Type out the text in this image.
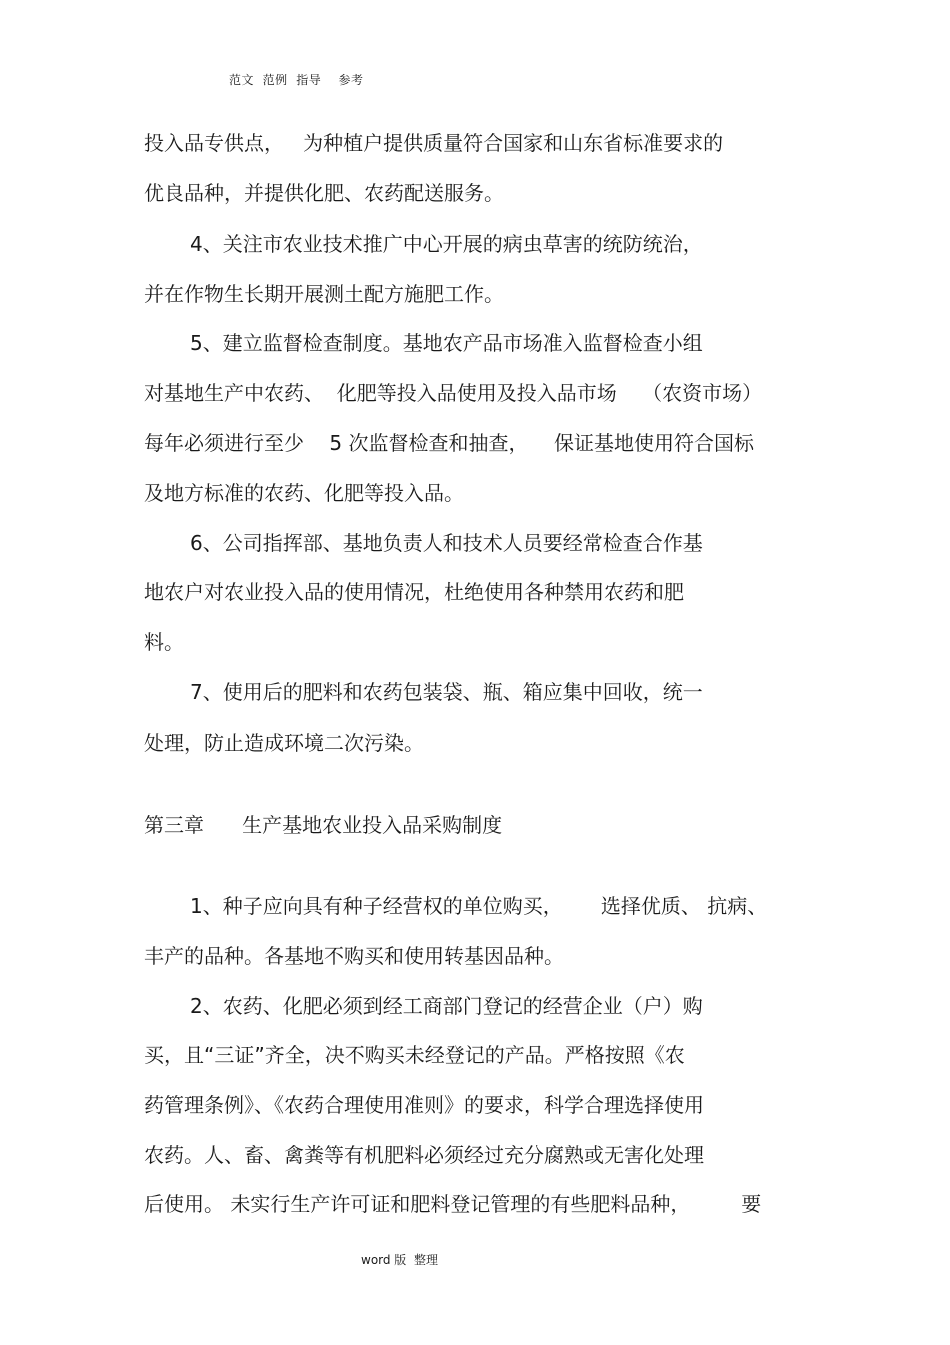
范文  范例  指导    参考
投入品专供点，   为种植户提供质量符合国家和山东省标准要求的
优良品种，并提供化肥、农药配送服务。
4、关注市农业技术推广中心开展的病虫草害的统防统治，
并在作物生长期开展测土配方施肥工作。
5、建立监督检查制度。基地农产品市场准入监督检查小组
对基地生产中农药、  化肥等投入品使用及投入品市场    （农资市场）
每年必须进行至少    5 次监督检查和抽查，    保证基地使用符合国标
及地方标准的农药、化肥等投入品。
6、公司指挥部、基地负责人和技术人员要经常检查合作基
地农户对农业投入品的使用情况，杜绝使用各种禁用农药和肥
料。
7、使用后的肥料和农药包装袋、瓶、箱应集中回收，统一
处理，防止造成环境二次污染。
第三章      生产基地农业投入品采购制度
1、种子应向具有种子经营权的单位购买，      选择优质、 抗病、
丰产的品种。各基地不购买和使用转基因品种。
2、农药、化肥必须到经工商部门登记的经营企业（户）购
买，且“三证”齐全，决不购买未经登记的产品。严格按照《农
药管理条例》、《农药合理使用准则》的要求，科学合理选择使用
农药。人、畜、禽粪等有机肥料必须经过充分腐熟或无害化处理
后使用。 未实行生产许可证和肥料登记管理的有些肥料品种，        要
word 版  整理
